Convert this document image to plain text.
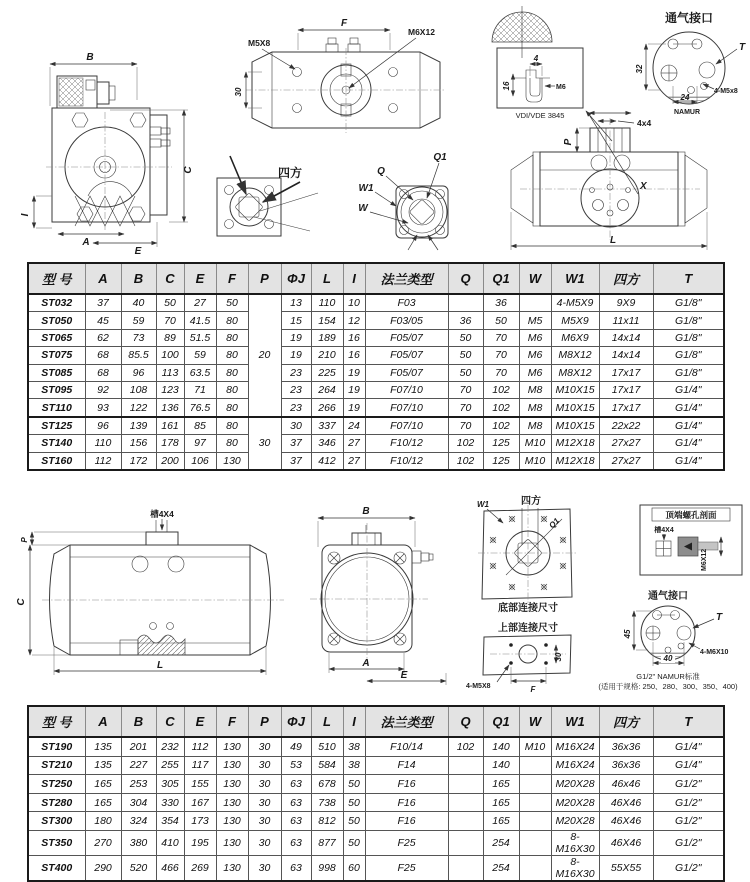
B
I
A
E
C
F
M5X8
M6X12
30
四方	Q
Q1
W1
W
4
M6
16
VDI/VDE 3845
通气接口
32
24
NAMUR
T
4-M5x8
4x4
P
X
L
型 号	A	B	C	E	F	P	ΦJ	L	I	法兰类型	Q	Q1	W	W1	四方	T
ST032	37	40	50	27	50	20	13	110	10	F03		36		4-M5X9	9X9	G1/8"
ST050	45	59	70	41.5	80		15	154	12	F03/05	36	50	M5	M5X9	11x11	G1/8"
ST065	62	73	89	51.5	80		19	189	16	F05/07	50	70	M6	M6X9	14x14	G1/8"
ST075	68	85.5	100	59	80		19	210	16	F05/07	50	70	M6	M8X12	14x14	G1/8"
ST085	68	96	113	63.5	80		23	225	19	F05/07	50	70	M6	M8X12	17x17	G1/8"
ST095	92	108	123	71	80		23	264	19	F07/10	70	102	M8	M10X15	17x17	G1/4"
ST110	93	122	136	76.5	80		23	266	19	F07/10	70	102	M8	M10X15	17x17	G1/4"
ST125	96	139	161	85	80	30	30	337	24	F07/10	70	102	M8	M10X15	22x22	G1/4"
ST140	110	156	178	97	80		37	346	27	F10/12	102	125	M10	M12X18	27x27	G1/4"
ST160	112	172	200	106	130		37	412	27	F10/12	102	125	M10	M12X18	27x27	G1/4"
槽4X4
P
C
L
B
A
E
W1	四方
Q1
底部连接尺寸
上部连接尺寸
30
F
4-M5X8
顶端螺孔剖面
槽4X4
M6X12
通气接口
45
40
T
4-M6X10
G1/2" NAMUR标准
(适用于规格: 250、280、300、350、400)
型 号	A	B	C	E	F	P	ΦJ	L	I	法兰类型	Q	Q1	W	W1	四方	T
ST190	135	201	232	112	130	30	49	510	38	F10/14	102	140	M10	M16X24	36x36	G1/4"
ST210	135	227	255	117	130	30	53	584	38	F14		140		M16X24	36x36	G1/4"
ST250	165	253	305	155	130	30	63	678	50	F16		165		M20X28	46x46	G1/2"
ST280	165	304	330	167	130	30	63	738	50	F16		165		M20X28	46X46	G1/2"
ST300	180	324	354	173	130	30	63	812	50	F16		165		M20X28	46X46	G1/2"
ST350	270	380	410	195	130	30	63	877	50	F25		254		8-M16X30	46X46	G1/2"
ST400	290	520	466	269	130	30	63	998	60	F25		254		8-M16X30	55X55	G1/2"
